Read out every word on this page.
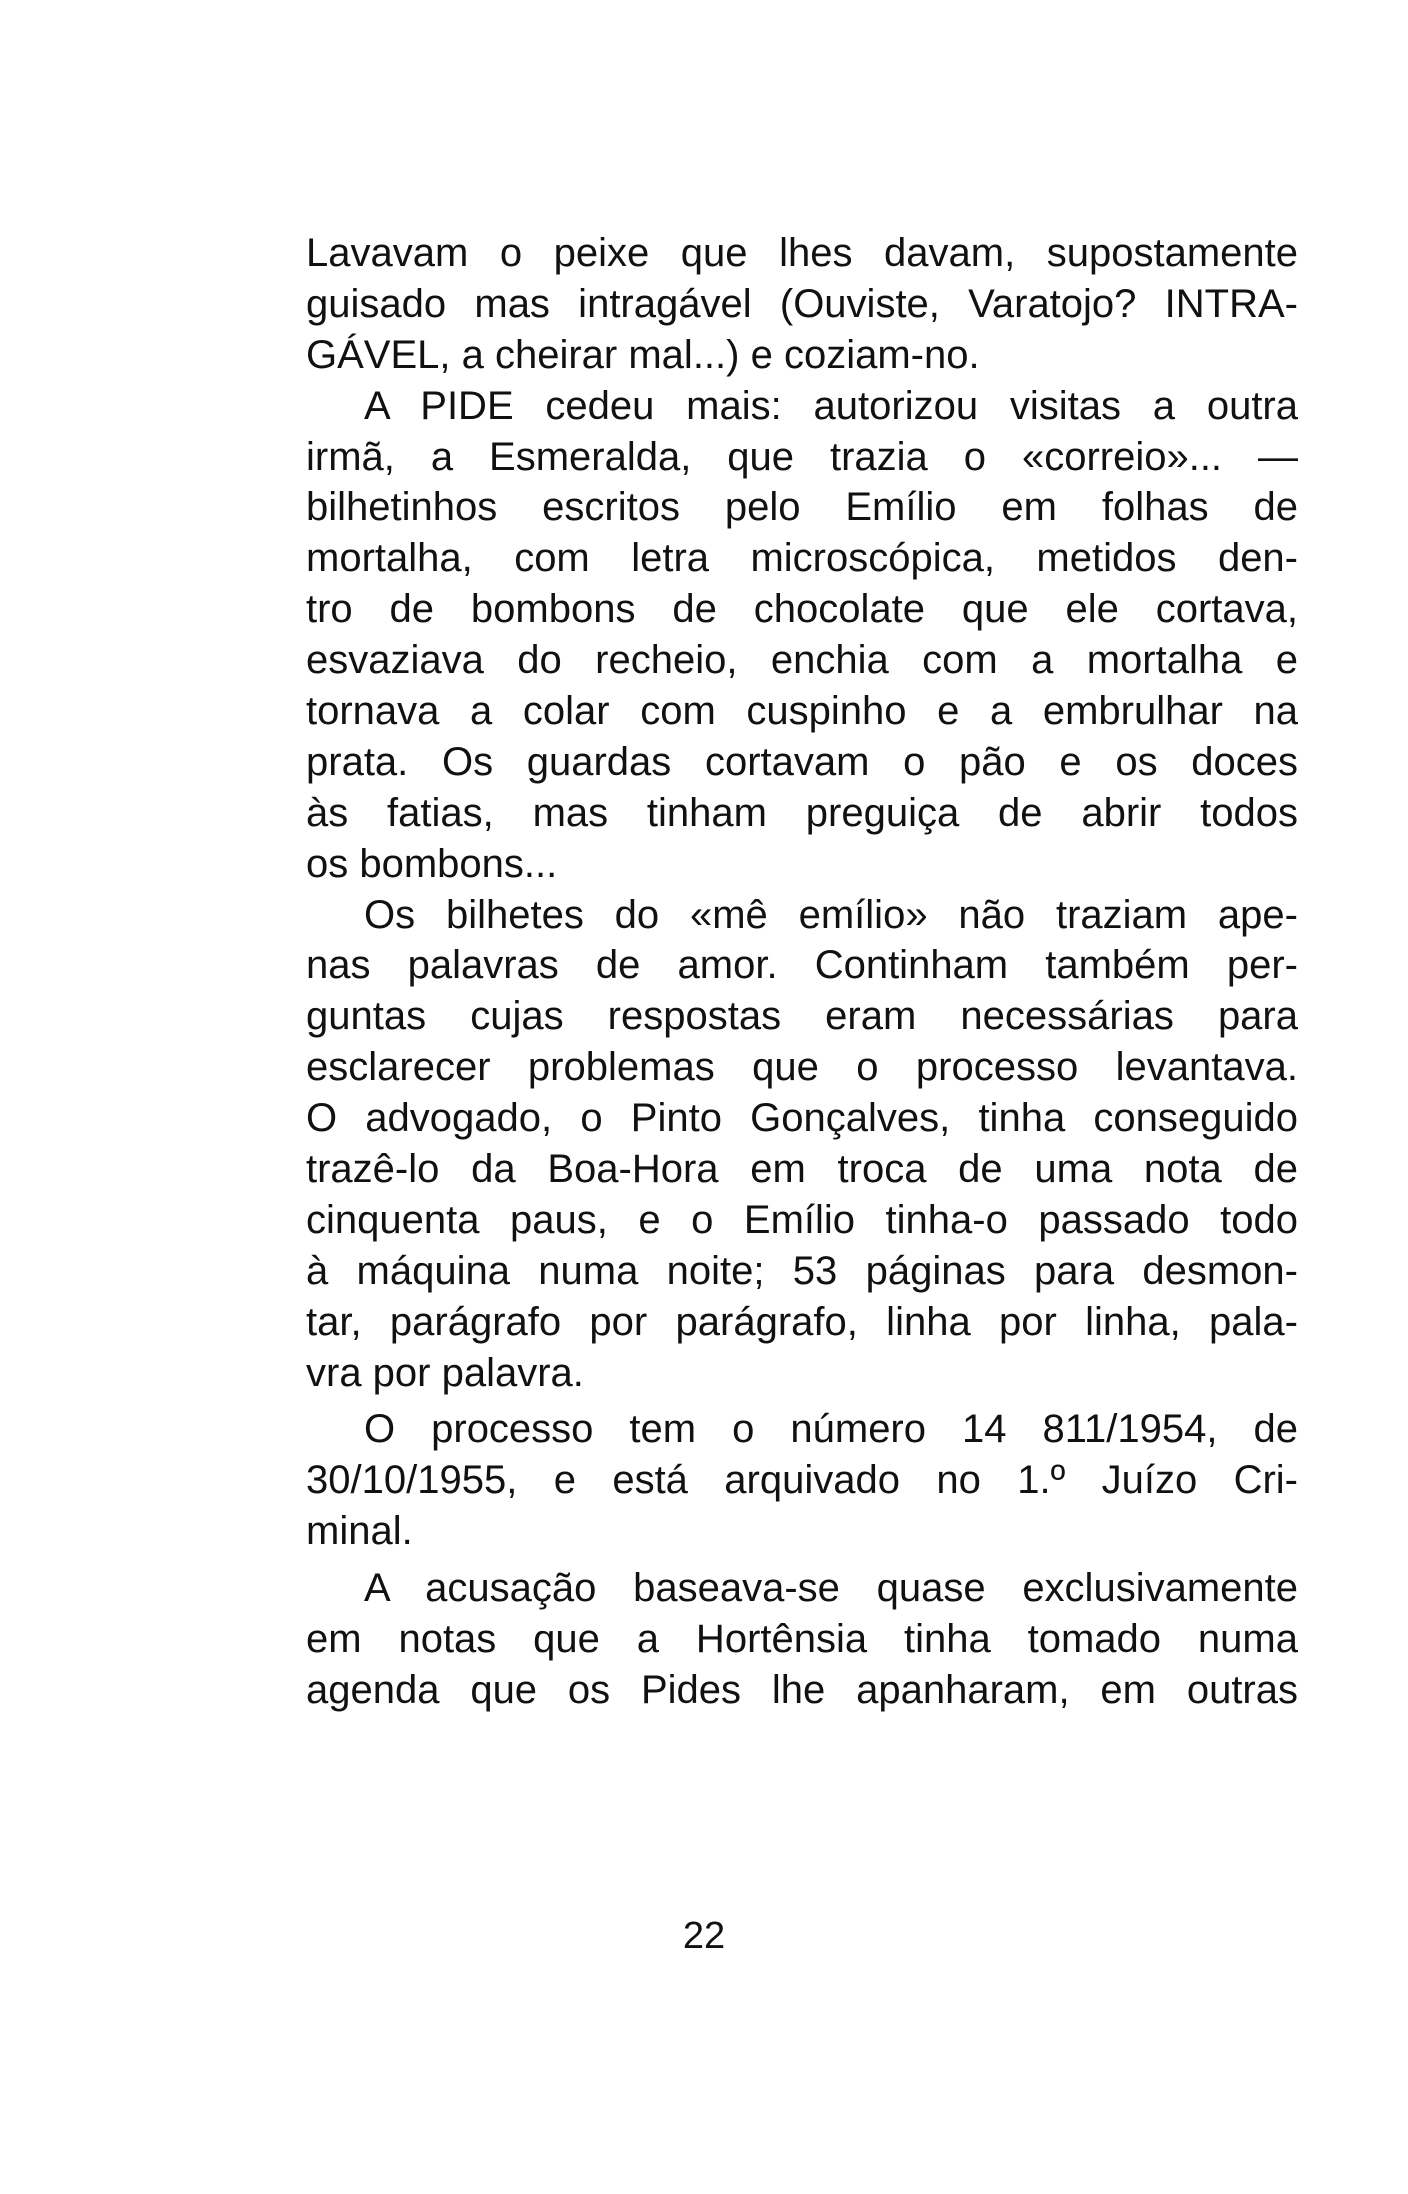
Lavavam o peixe que lhes davam, supostamente
guisado mas intragável (Ouviste, Varatojo? INTRA-
GÁVEL, a cheirar mal...) e coziam-no.
A PIDE cedeu mais: autorizou visitas a outra
irmã, a Esmeralda, que trazia o «correio»... —
bilhetinhos escritos pelo Emílio em folhas de
mortalha, com letra microscópica, metidos den-
tro de bombons de chocolate que ele cortava,
esvaziava do recheio, enchia com a mortalha e
tornava a colar com cuspinho e a embrulhar na
prata. Os guardas cortavam o pão e os doces
às fatias, mas tinham preguiça de abrir todos
os bombons...
Os bilhetes do «mê emílio» não traziam ape-
nas palavras de amor. Continham também per-
guntas cujas respostas eram necessárias para
esclarecer problemas que o processo levantava.
O advogado, o Pinto Gonçalves, tinha conseguido
trazê-lo da Boa-Hora em troca de uma nota de
cinquenta paus, e o Emílio tinha-o passado todo
à máquina numa noite; 53 páginas para desmon-
tar, parágrafo por parágrafo, linha por linha, pala-
vra por palavra.
O processo tem o número 14 811/1954, de
30/10/1955, e está arquivado no 1.º Juízo Cri-
minal.
A acusação baseava-se quase exclusivamente
em notas que a Hortênsia tinha tomado numa
agenda que os Pides lhe apanharam, em outras
22
